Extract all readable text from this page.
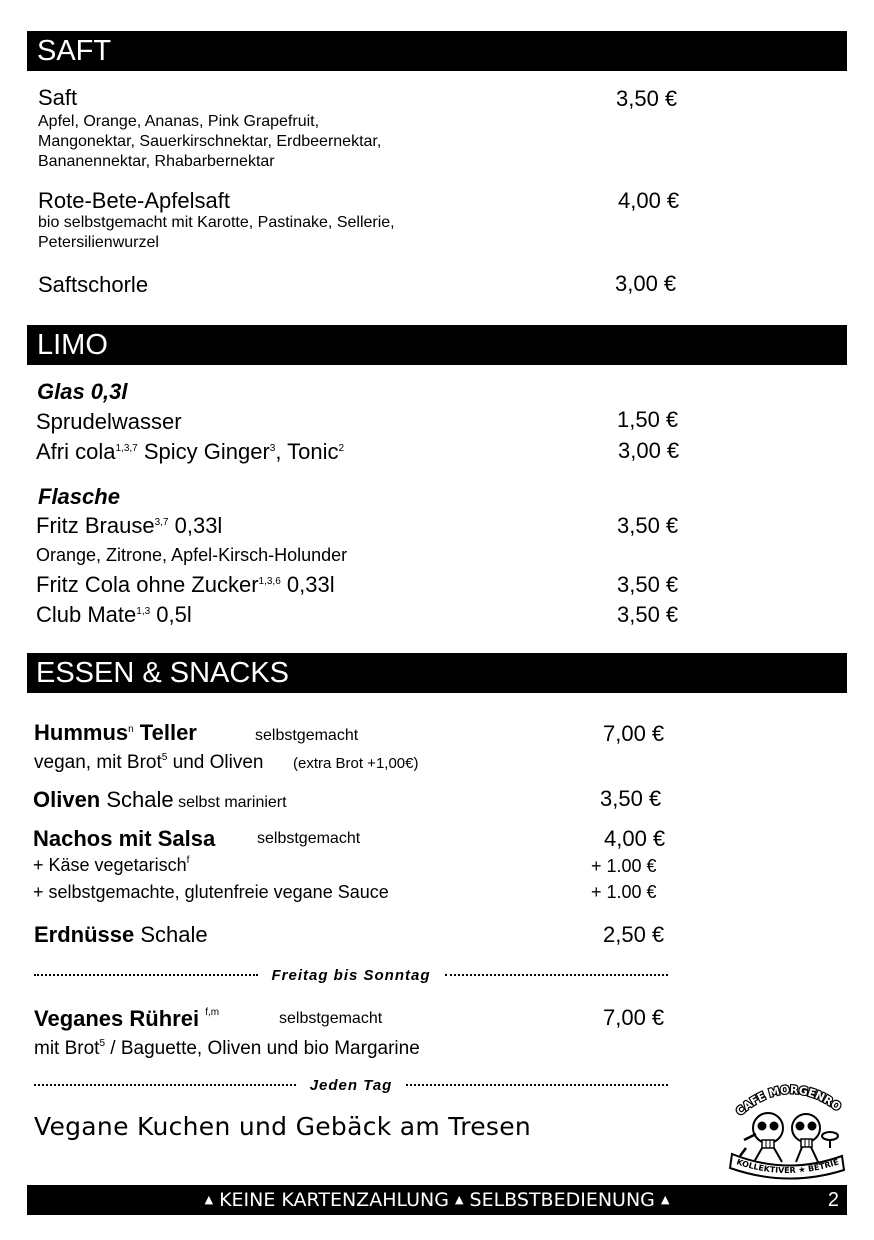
SAFT
Saft	3,50 €
Apfel, Orange, Ananas, Pink Grapefruit,
Mangonektar, Sauerkirschnektar, Erdbeernektar,
Bananennektar, Rhabarbernektar
Rote-Bete-Apfelsaft	4,00 €
bio selbstgemacht mit Karotte, Pastinake, Sellerie,
Petersilienwurzel
Saftschorle	3,00 €
LIMO
Glas 0,3l
Sprudelwasser	1,50 €
Afri cola$^{1,3,7}$ Spicy Ginger$^3$, Tonic$^2$	3,00 €
Flasche
Fritz Brause$^{3,7}$ 0,33l	3,50 €
Orange, Zitrone, Apfel-Kirsch-Holunder
Fritz Cola ohne Zucker$^{1,3,6}$ 0,33l	3,50 €
Club Mate$^{1,3}$ 0,5l	3,50 €
ESSEN & SNACKS
Hummus$^n$ Teller	selbstgemacht	7,00 €
vegan, mit Brot$^5$ und Oliven (extra Brot +1,00€)
Oliven Schale selbst mariniert	3,50 €
Nachos mit Salsa	selbstgemacht	4,00 €
+ Käse vegetarisch$^f$	+ 1.00 €
+ selbstgemachte, glutenfreie vegane Sauce	+ 1.00 €
Erdnüsse Schale	2,50 €
Freitag bis Sonntag
Veganes Rührei $^{f,m}$	selbstgemacht	7,00 €
mit Brot$^5$ / Baguette, Oliven und bio Margarine
Jeden Tag
Vegane Kuchen und Gebäck am Tresen
CAFE MORGENRO
KOLLEKTIVER ★ BETRIE
▲ KEINE KARTENZAHLUNG ▲ SELBSTBEDIENUNG ▲	2
